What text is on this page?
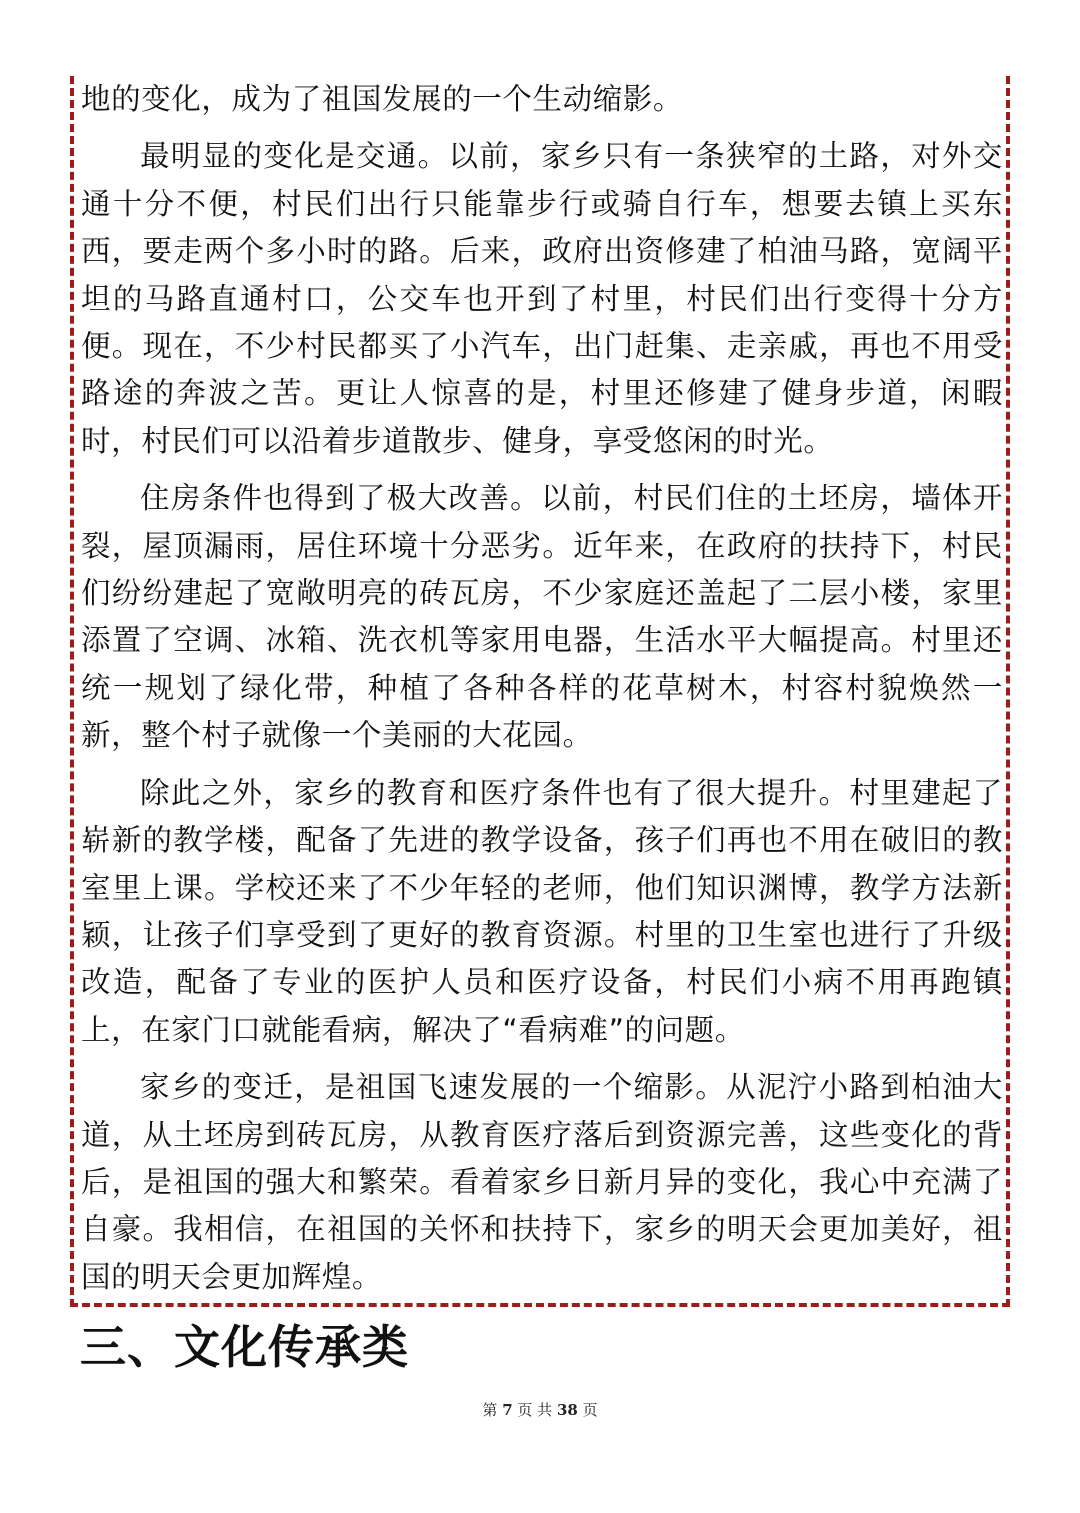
地的变化，成为了祖国发展的一个生动缩影。

最明显的变化是交通。以前，家乡只有一条狭窄的土路，对外交通十分不便，村民们出行只能靠步行或骑自行车，想要去镇上买东西，要走两个多小时的路。后来，政府出资修建了柏油马路，宽阔平坦的马路直通村口，公交车也开到了村里，村民们出行变得十分方便。现在，不少村民都买了小汽车，出门赶集、走亲戚，再也不用受路途的奔波之苦。更让人惊喜的是，村里还修建了健身步道，闲暇时，村民们可以沿着步道散步、健身，享受悠闲的时光。

住房条件也得到了极大改善。以前，村民们住的土坯房，墙体开裂，屋顶漏雨，居住环境十分恶劣。近年来，在政府的扶持下，村民们纷纷建起了宽敞明亮的砖瓦房，不少家庭还盖起了二层小楼，家里添置了空调、冰箱、洗衣机等家用电器，生活水平大幅提高。村里还统一规划了绿化带，种植了各种各样的花草树木，村容村貌焕然一新，整个村子就像一个美丽的大花园。

除此之外，家乡的教育和医疗条件也有了很大提升。村里建起了崭新的教学楼，配备了先进的教学设备，孩子们再也不用在破旧的教室里上课。学校还来了不少年轻的老师，他们知识渊博，教学方法新颖，让孩子们享受到了更好的教育资源。村里的卫生室也进行了升级改造，配备了专业的医护人员和医疗设备，村民们小病不用再跑镇上，在家门口就能看病，解决了“看病难”的问题。

家乡的变迁，是祖国飞速发展的一个缩影。从泥泞小路到柏油大道，从土坯房到砖瓦房，从教育医疗落后到资源完善，这些变化的背后，是祖国的强大和繁荣。看着家乡日新月异的变化，我心中充满了自豪。我相信，在祖国的关怀和扶持下，家乡的明天会更加美好，祖国的明天会更加辉煌。

三、文化传承类
第 7 页 共 38 页
